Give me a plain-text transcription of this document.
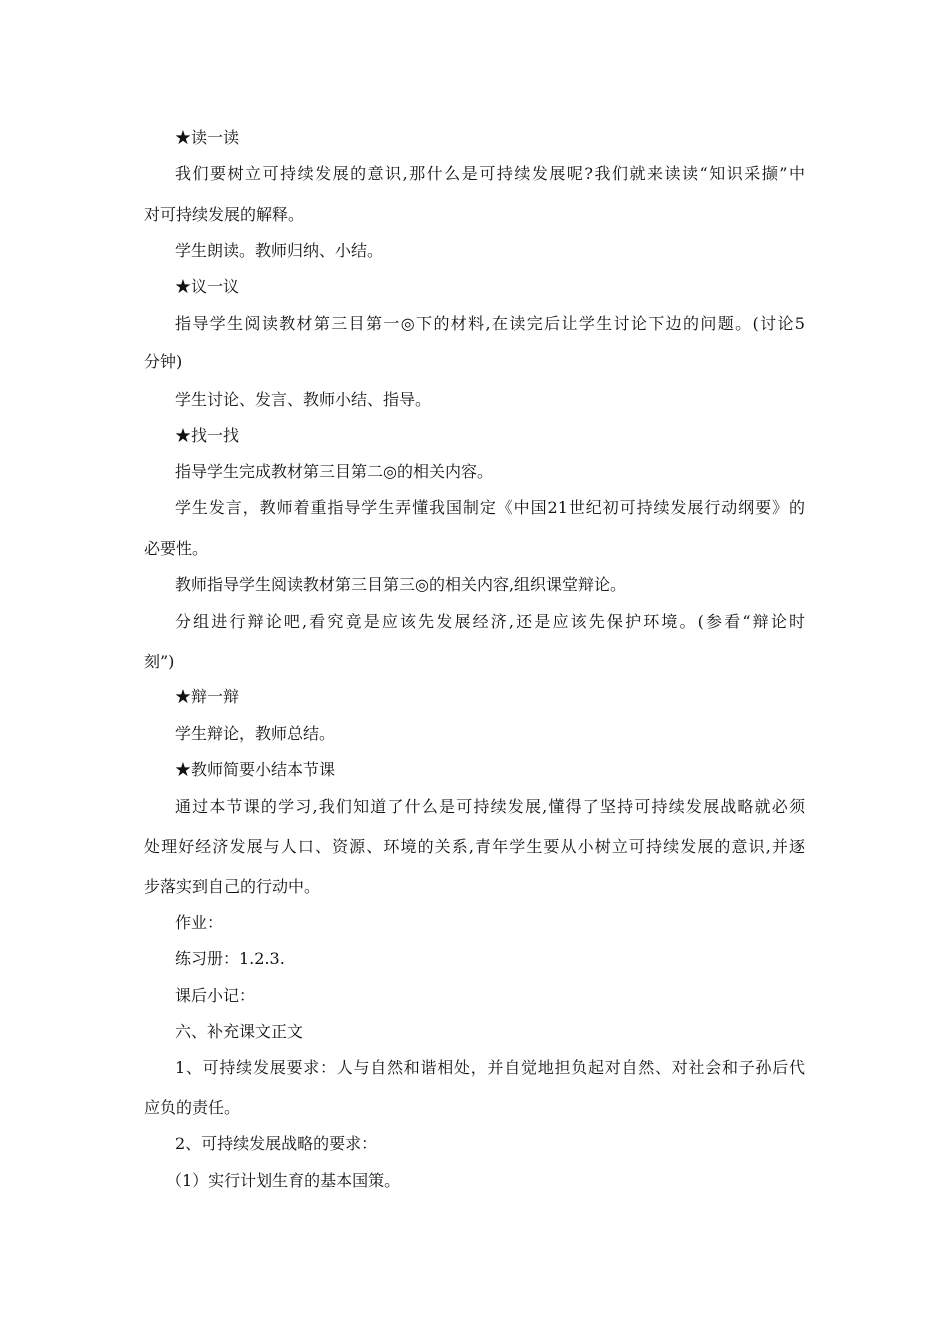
★读一读
我们要树立可持续发展的意识,那什么是可持续发展呢?我们就来读读“知识采撷”中
对可持续发展的解释。
学生朗读。教师归纳、小结。
★议一议
指导学生阅读教材第三目第一◎下的材料,在读完后让学生讨论下边的问题。(讨论5
分钟)
学生讨论、发言、教师小结、指导。
★找一找
指导学生完成教材第三目第二◎的相关内容。
学生发言，教师着重指导学生弄懂我国制定《中国21世纪初可持续发展行动纲要》的
必要性。
教师指导学生阅读教材第三目第三◎的相关内容,组织课堂辩论。
分组进行辩论吧,看究竟是应该先发展经济,还是应该先保护环境。(参看“辩论时
刻”)
★辩一辩
学生辩论，教师总结。
★教师简要小结本节课
通过本节课的学习,我们知道了什么是可持续发展,懂得了坚持可持续发展战略就必须
处理好经济发展与人口、资源、环境的关系,青年学生要从小树立可持续发展的意识,并逐
步落实到自己的行动中。
作业：
练习册：1.2.3.
课后小记：
六、补充课文正文
1、可持续发展要求：人与自然和谐相处，并自觉地担负起对自然、对社会和子孙后代
应负的责任。
2、可持续发展战略的要求：
（1）实行计划生育的基本国策。
